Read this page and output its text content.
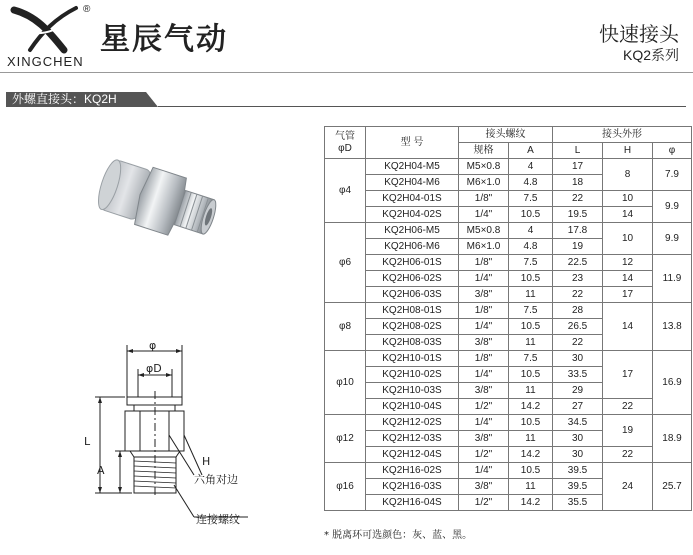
®
星辰气动
XINGCHEN
快速接头
KQ2系列
外螺直接头：KQ2H
φ
φD
L
A
H
六角对边
连接螺纹
气管
φD	型 号	接头螺纹		接头外形		
		规格	A	L	H	φ
φ4	KQ2H04-M5	M5×0.8	4	17	8	7.9
	KQ2H04-M6	M6×1.0	4.8	18		
	KQ2H04-01S	1/8"	7.5	22	10	9.9
	KQ2H04-02S	1/4"	10.5	19.5	14	
φ6	KQ2H06-M5	M5×0.8	4	17.8	10	9.9
	KQ2H06-M6	M6×1.0	4.8	19		
	KQ2H06-01S	1/8"	7.5	22.5	12	11.9
	KQ2H06-02S	1/4"	10.5	23	14	
	KQ2H06-03S	3/8"	11	22	17	
φ8	KQ2H08-01S	1/8"	7.5	28	14	13.8
	KQ2H08-02S	1/4"	10.5	26.5		
	KQ2H08-03S	3/8"	11	22		
φ10	KQ2H10-01S	1/8"	7.5	30	17	16.9
	KQ2H10-02S	1/4"	10.5	33.5		
	KQ2H10-03S	3/8"	11	29		
	KQ2H10-04S	1/2"	14.2	27	22	
φ12	KQ2H12-02S	1/4"	10.5	34.5	19	18.9
	KQ2H12-03S	3/8"	11	30		
	KQ2H12-04S	1/2"	14.2	30	22	
φ16	KQ2H16-02S	1/4"	10.5	39.5	24	25.7
	KQ2H16-03S	3/8"	11	39.5		
	KQ2H16-04S	1/2"	14.2	35.5		
* 脱离环可选颜色：灰、蓝、黑。
